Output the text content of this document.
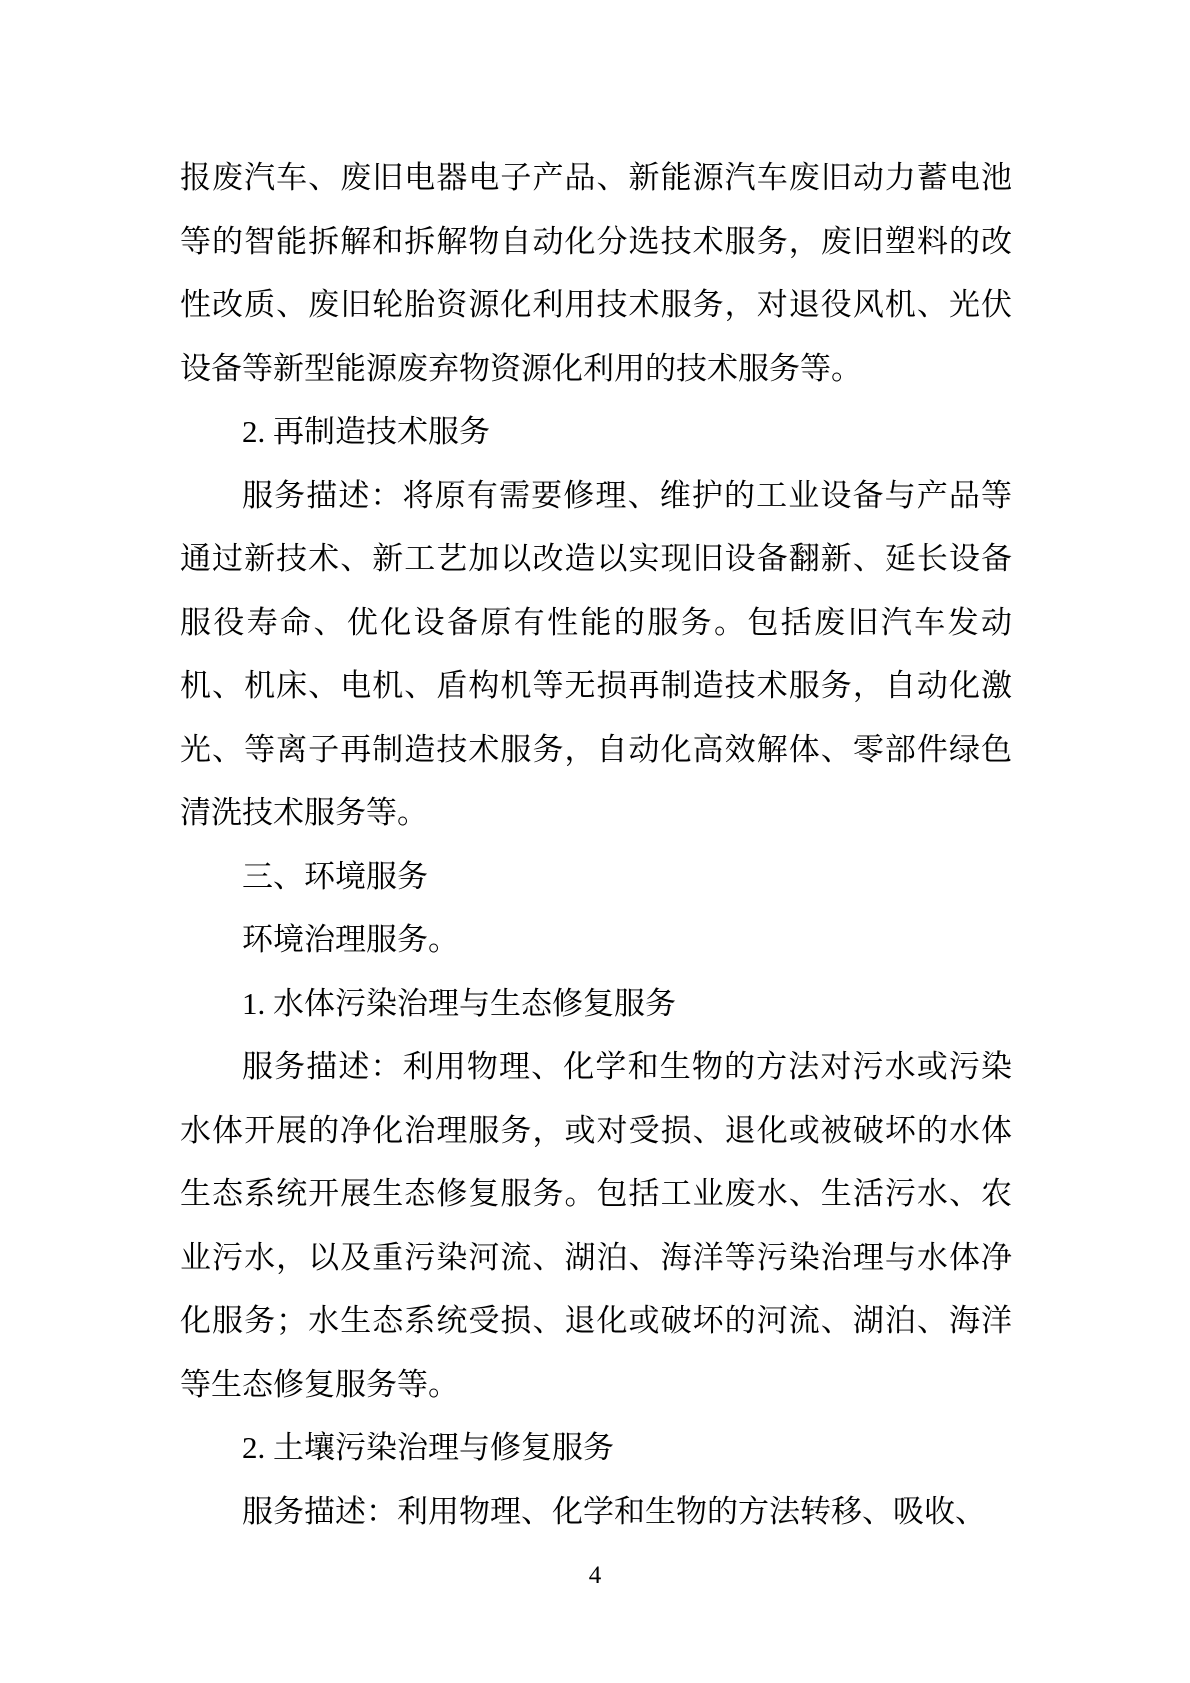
报废汽车、废旧电器电子产品、新能源汽车废旧动力蓄电池等的智能拆解和拆解物自动化分选技术服务，废旧塑料的改性改质、废旧轮胎资源化利用技术服务，对退役风机、光伏设备等新型能源废弃物资源化利用的技术服务等。

2. 再制造技术服务

服务描述：将原有需要修理、维护的工业设备与产品等通过新技术、新工艺加以改造以实现旧设备翻新、延长设备服役寿命、优化设备原有性能的服务。包括废旧汽车发动机、机床、电机、盾构机等无损再制造技术服务，自动化激光、等离子再制造技术服务，自动化高效解体、零部件绿色清洗技术服务等。

三、环境服务

环境治理服务。

1. 水体污染治理与生态修复服务

服务描述：利用物理、化学和生物的方法对污水或污染水体开展的净化治理服务，或对受损、退化或被破坏的水体生态系统开展生态修复服务。包括工业废水、生活污水、农业污水，以及重污染河流、湖泊、海洋等污染治理与水体净化服务；水生态系统受损、退化或破坏的河流、湖泊、海洋等生态修复服务等。

2. 土壤污染治理与修复服务

服务描述：利用物理、化学和生物的方法转移、吸收、

4
